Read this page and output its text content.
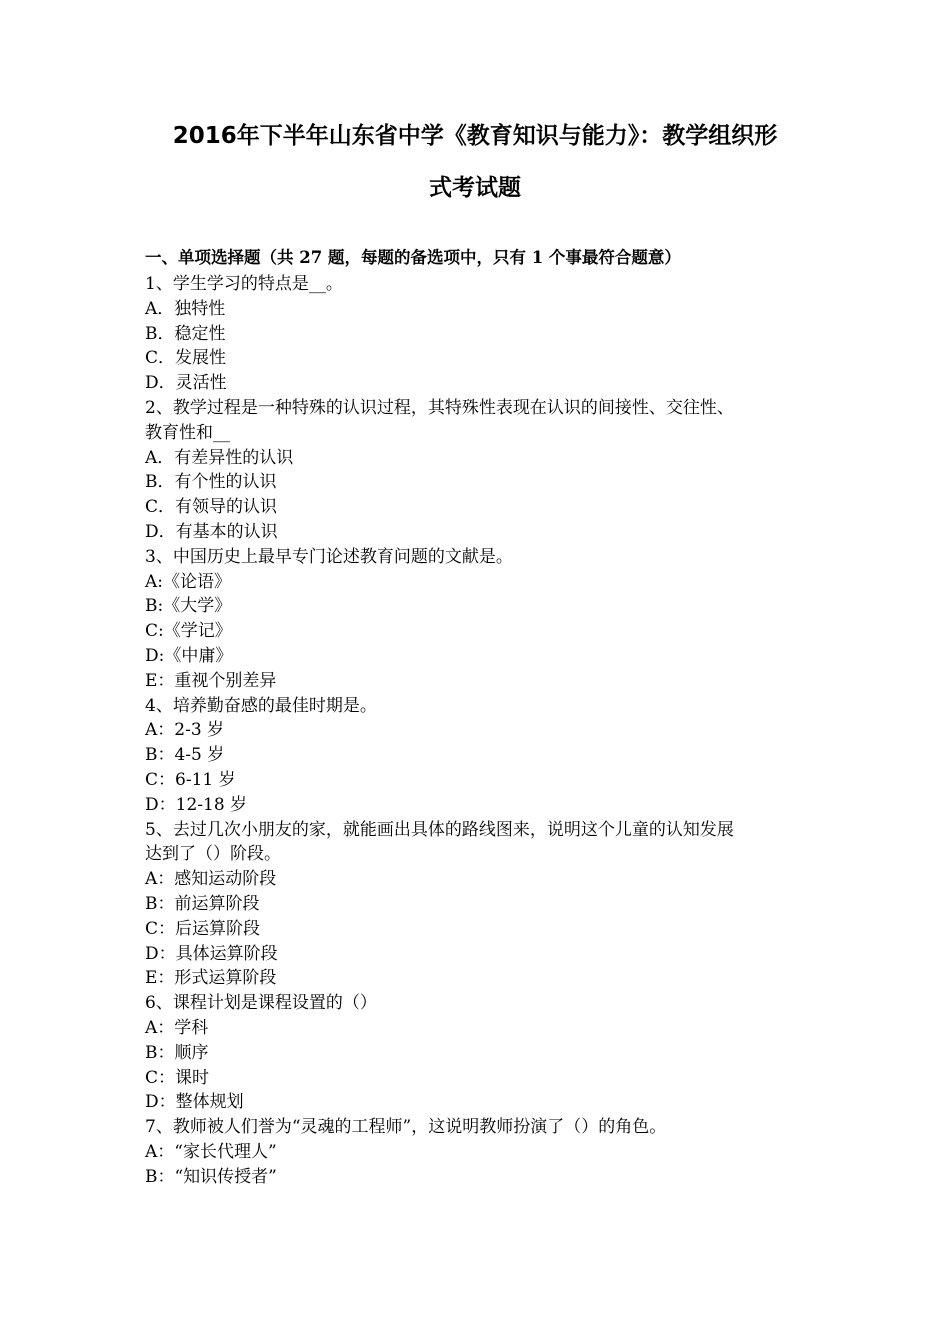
2016年下半年山东省中学《教育知识与能力》：教学组织形
式考试题

一、单项选择题（共 27 题，每题的备选项中，只有 1 个事最符合题意）

1、学生学习的特点是__。

A．独特性

B．稳定性

C．发展性

D．灵活性

2、教学过程是一种特殊的认识过程，其特殊性表现在认识的间接性、交往性、

教育性和__

A．有差异性的认识

B．有个性的认识

C．有领导的认识

D．有基本的认识

3、中国历史上最早专门论述教育问题的文献是。

A:《论语》

B:《大学》

C:《学记》

D:《中庸》

E：重视个别差异

4、培养勤奋感的最佳时期是。

A：2-3 岁

B：4-5 岁

C：6-11 岁

D：12-18 岁

5、去过几次小朋友的家，就能画出具体的路线图来，说明这个儿童的认知发展

达到了（）阶段。

A：感知运动阶段

B：前运算阶段

C：后运算阶段

D：具体运算阶段

E：形式运算阶段

6、课程计划是课程设置的（）

A：学科

B：顺序

C：课时

D：整体规划

7、教师被人们誉为“灵魂的工程师”，这说明教师扮演了（）的角色。

A：“家长代理人”

B：“知识传授者”
